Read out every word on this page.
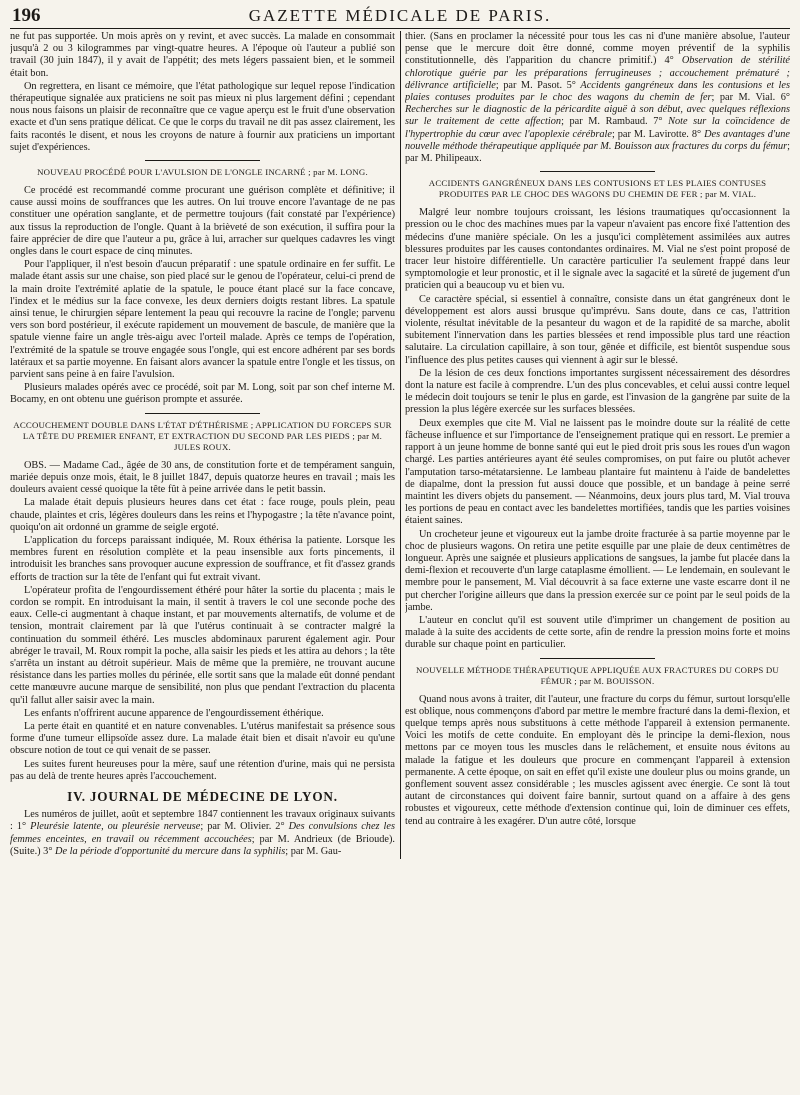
196	GAZETTE MÉDICALE DE PARIS.

ne fut pas supportée. Un mois après on y revint, et avec succès. La malade en consommait jusqu'à 2 ou 3 kilogrammes par vingt-quatre heures. A l'époque où l'auteur a publié son travail (30 juin 1847), il y avait de l'appétit; des mets légers passaient bien, et le sommeil était bon.

On regrettera, en lisant ce mémoire, que l'état pathologique sur lequel repose l'indication thérapeutique signalée aux praticiens ne soit pas mieux ni plus largement défini ; cependant nous nous faisons un plaisir de reconnaître que ce vague aperçu est le fruit d'une observation exacte et d'un sens pratique délicat. Ce que le corps du travail ne dit pas assez clairement, les faits racontés le disent, et nous les croyons de nature à fournir aux praticiens un important sujet d'expériences.

NOUVEAU PROCÉDÉ POUR L'AVULSION DE L'ONGLE INCARNÉ ; par M. LONG.

Ce procédé est recommandé comme procurant une guérison complète et définitive; il cause aussi moins de souffrances que les autres. On lui trouve encore l'avantage de ne pas constituer une opération sanglante, et de permettre toujours (fait constaté par l'expérience) aux tissus la reproduction de l'ongle. Quant à la brièveté de son exécution, il suffira pour la faire apprécier de dire que l'auteur a pu, grâce à lui, arracher sur quelques cadavres les vingt ongles dans le court espace de cinq minutes.

Pour l'appliquer, il n'est besoin d'aucun préparatif : une spatule ordinaire en fer suffit. Le malade étant assis sur une chaise, son pied placé sur le genou de l'opérateur, celui-ci prend de la main droite l'extrémité aplatie de la spatule, le pouce étant placé sur la face concave, l'index et le médius sur la face convexe, les deux derniers doigts restant libres. La spatule ainsi tenue, le chirurgien sépare lentement la peau qui recouvre la racine de l'ongle; parvenu vers son bord postérieur, il exécute rapidement un mouvement de bascule, de manière que la spatule vienne faire un angle très-aigu avec l'orteil malade. Après ce temps de l'opération, l'extrémité de la spatule se trouve engagée sous l'ongle, qui est encore adhérent par ses bords latéraux et sa partie moyenne. En faisant alors avancer la spatule entre l'ongle et les tissus, on parvient sans peine à en faire l'avulsion.

Plusieurs malades opérés avec ce procédé, soit par M. Long, soit par son chef interne M. Bocamy, en ont obtenu une guérison prompte et assurée.

ACCOUCHEMENT DOUBLE DANS L'ÉTAT D'ÉTHÉRISME ; APPLICATION DU FORCEPS SUR LA TÊTE DU PREMIER ENFANT, ET EXTRACTION DU SECOND PAR LES PIEDS ; par M. JULES ROUX.

OBS. — Madame Cad., âgée de 30 ans, de constitution forte et de tempérament sanguin, mariée depuis onze mois, était, le 8 juillet 1847, depuis quatorze heures en travail ; mais les douleurs avaient cessé quoique la tête fût à peine arrivée dans le petit bassin.

La malade était depuis plusieurs heures dans cet état : face rouge, pouls plein, peau chaude, plaintes et cris, légères douleurs dans les reins et l'hypogastre ; la tête n'avance point, quoiqu'on ait ordonné un gramme de seigle ergoté.

L'application du forceps paraissant indiquée, M. Roux éthérisa la patiente. Lorsque les membres furent en résolution complète et la peau insensible aux forts pincements, il introduisit les branches sans provoquer aucune expression de souffrance, et fit d'assez grands efforts de traction sur la tête de l'enfant qui fut extrait vivant.

L'opérateur profita de l'engourdissement éthéré pour hâter la sortie du placenta ; mais le cordon se rompit. En introduisant la main, il sentit à travers le col une seconde poche des eaux. Celle-ci augmentant à chaque instant, et par mouvements alternatifs, de volume et de tension, montrait clairement par là que l'utérus continuait à se contracter malgré la continuation du sommeil éthéré. Les muscles abdominaux parurent également agir. Pour abréger le travail, M. Roux rompit la poche, alla saisir les pieds et les attira au dehors ; la tête s'arrêta un instant au détroit supérieur. Mais de même que la première, ne trouvant aucune résistance dans les parties molles du périnée, elle sortit sans que la malade eût donné pendant cette manœuvre aucune marque de sensibilité, non plus que pendant l'extraction du placenta qu'il fallut aller saisir avec la main.

Les enfants n'offrirent aucune apparence de l'engourdissement éthérique.

La perte était en quantité et en nature convenables. L'utérus manifestait sa présence sous forme d'une tumeur ellipsoïde assez dure. La malade était bien et disait n'avoir eu qu'une obscure notion de tout ce qui venait de se passer.

Les suites furent heureuses pour la mère, sauf une rétention d'urine, mais qui ne persista pas au delà de trente heures après l'accouchement.

IV. JOURNAL DE MÉDECINE DE LYON.

Les numéros de juillet, août et septembre 1847 contiennent les travaux originaux suivants : 1° Pleurésie latente, ou pleurésie nerveuse; par M. Olivier. 2° Des convulsions chez les femmes enceintes, en travail ou récemment accouchées; par M. Andrieux (de Brioude). (Suite.) 3° De la période d'opportunité du mercure dans la syphilis; par M. Gau-

thier. (Sans en proclamer la nécessité pour tous les cas ni d'une manière absolue, l'auteur pense que le mercure doit être donné, comme moyen préventif de la syphilis constitutionnelle, dès l'apparition du chancre primitif.) 4° Observation de stérilité chlorotique guérie par les préparations ferrugineuses ; accouchement prématuré ; délivrance artificielle; par M. Pasot. 5° Accidents gangréneux dans les contusions et les plaies contuses produites par le choc des wagons du chemin de fer; par M. Vial. 6° Recherches sur le diagnostic de la péricardite aiguë à son début, avec quelques réflexions sur le traitement de cette affection; par M. Rambaud. 7° Note sur la coïncidence de l'hypertrophie du cœur avec l'apoplexie cérébrale; par M. Lavirotte. 8° Des avantages d'une nouvelle méthode thérapeutique appliquée par M. Bouisson aux fractures du corps du fémur; par M. Philipeaux.

ACCIDENTS GANGRÉNEUX DANS LES CONTUSIONS ET LES PLAIES CONTUSES PRODUITES PAR LE CHOC DES WAGONS DU CHEMIN DE FER ; par M. VIAL.

Malgré leur nombre toujours croissant, les lésions traumatiques qu'occasionnent la pression ou le choc des machines mues par la vapeur n'avaient pas encore fixé l'attention des médecins d'une manière spéciale. On les a jusqu'ici complètement assimilées aux autres blessures produites par les causes contondantes ordinaires. M. Vial ne s'est point proposé de tracer leur histoire différentielle. Un caractère particulier l'a seulement frappé dans leur symptomologie et leur pronostic, et il le signale avec la sagacité et la sûreté de jugement d'un praticien qui a beaucoup vu et bien vu.

Ce caractère spécial, si essentiel à connaître, consiste dans un état gangréneux dont le développement est alors aussi brusque qu'imprévu. Sans doute, dans ce cas, l'attrition violente, résultat inévitable de la pesanteur du wagon et de la rapidité de sa marche, abolit subitement l'innervation dans les parties blessées et rend impossible plus tard une réaction salutaire. La circulation capillaire, à son tour, gênée et difficile, est bientôt suspendue sous l'influence des plus petites causes qui viennent à agir sur le blessé.

De la lésion de ces deux fonctions importantes surgissent nécessairement des désordres dont la nature est facile à comprendre. L'un des plus concevables, et celui aussi contre lequel le médecin doit toujours se tenir le plus en garde, est l'invasion de la gangrène par suite de la pression la plus légère exercée sur les surfaces blessées.

Deux exemples que cite M. Vial ne laissent pas le moindre doute sur la réalité de cette fâcheuse influence et sur l'importance de l'enseignement pratique qui en ressort. Le premier a rapport à un jeune homme de bonne santé qui eut le pied droit pris sous les roues d'un wagon chargé. Les parties antérieures ayant été seules compromises, on put faire ou plutôt achever l'amputation tarso-métatarsienne. Le lambeau plantaire fut maintenu à l'aide de bandelettes de diapalme, dont la pression fut aussi douce que possible, et un bandage à peine serré maintint les divers objets du pansement. — Néanmoins, deux jours plus tard, M. Vial trouva les portions de peau en contact avec les bandelettes mortifiées, tandis que les parties voisines étaient saines.

Un crocheteur jeune et vigoureux eut la jambe droite fracturée à sa partie moyenne par le choc de plusieurs wagons. On retira une petite esquille par une plaie de deux centimètres de longueur. Après une saignée et plusieurs applications de sangsues, la jambe fut placée dans la demi-flexion et recouverte d'un large cataplasme émollient. — Le lendemain, en soulevant le membre pour le pansement, M. Vial découvrit à sa face externe une vaste escarre dont il ne put chercher l'origine ailleurs que dans la pression exercée sur ce point par le seul poids de la jambe.

L'auteur en conclut qu'il est souvent utile d'imprimer un changement de position au malade à la suite des accidents de cette sorte, afin de rendre la pression moins forte et moins durable sur chaque point en particulier.

NOUVELLE MÉTHODE THÉRAPEUTIQUE APPLIQUÉE AUX FRACTURES DU CORPS DU FÉMUR ; par M. BOUISSON.

Quand nous avons à traiter, dit l'auteur, une fracture du corps du fémur, surtout lorsqu'elle est oblique, nous commençons d'abord par mettre le membre fracturé dans la demi-flexion, et quelque temps après nous substituons à cette méthode l'appareil à extension permanente. Voici les motifs de cette conduite. En employant dès le principe la demi-flexion, nous mettons par ce moyen tous les muscles dans le relâchement, et ensuite nous évitons au malade la fatigue et les douleurs que procure en commençant l'appareil à extension permanente. A cette époque, on sait en effet qu'il existe une douleur plus ou moins grande, un gonflement souvent assez considérable ; les muscles agissent avec énergie. Ce sont là tout autant de circonstances qui doivent faire bannir, surtout quand on a affaire à des gens robustes et vigoureux, cette méthode d'extension continue qui, loin de diminuer ces effets, tend au contraire à les exagérer. D'un autre côté, lorsque
